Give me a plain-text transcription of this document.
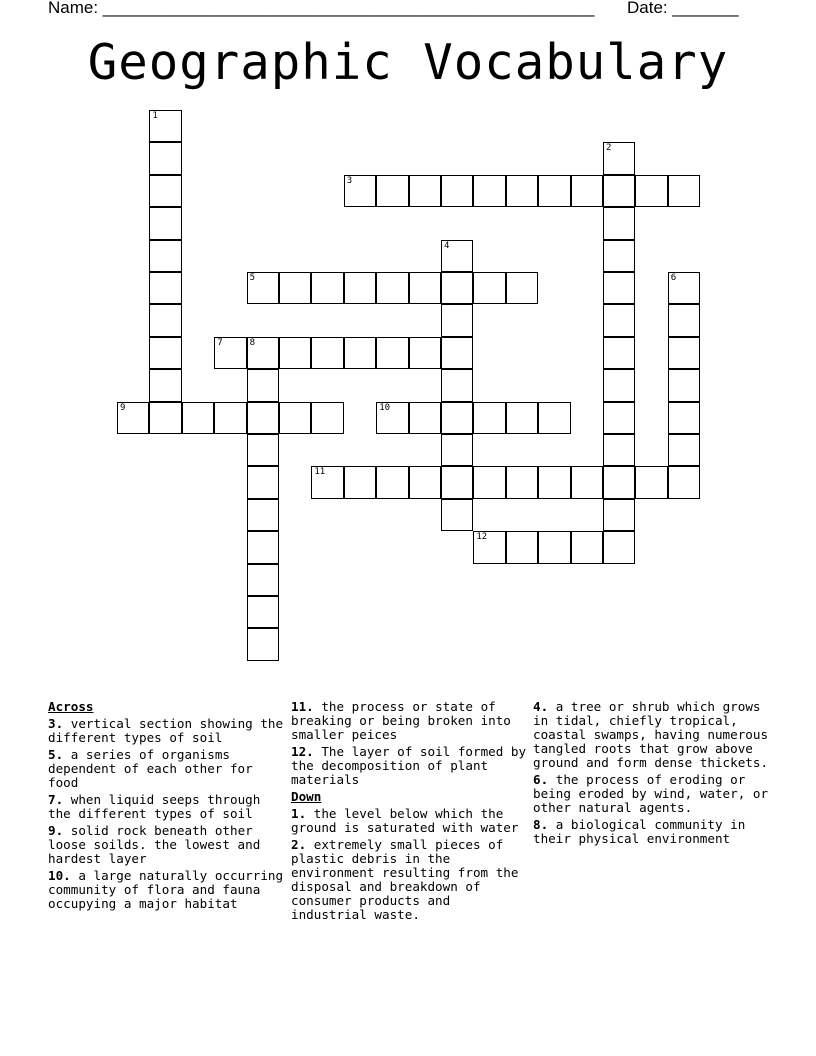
Name: ____________________________________________________ Date: _______
Geographic Vocabulary
1
2
3
4
5	6
7	8
9	10
11
12
Across
3. vertical section showing the different types of soil
5. a series of organisms dependent of each other for food
7. when liquid seeps through the different types of soil
9. solid rock beneath other loose soilds. the lowest and hardest layer
10. a large naturally occurring community of flora and fauna occupying a major habitat
11. the process or state of breaking or being broken into smaller peices
12. The layer of soil formed by the decomposition of plant materials
Down
1. the level below which the ground is saturated with water
2. extremely small pieces of plastic debris in the environment resulting from the disposal and breakdown of consumer products and industrial waste.
4. a tree or shrub which grows in tidal, chiefly tropical, coastal swamps, having numerous tangled roots that grow above ground and form dense thickets.
6. the process of eroding or being eroded by wind, water, or other natural agents.
8. a biological community in their physical environment
